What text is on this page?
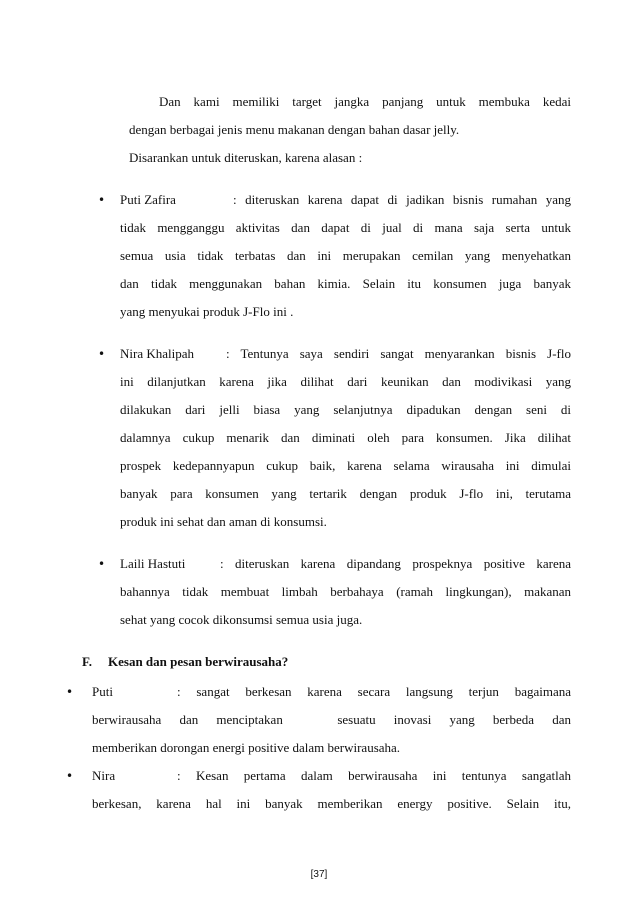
Dan kami memiliki target jangka panjang untuk membuka kedai

dengan berbagai jenis menu makanan dengan bahan dasar jelly.

Disarankan untuk diteruskan, karena alasan :

• Puti Zafira	: diteruskan karena dapat di jadikan bisnis rumahan yang

tidak mengganggu aktivitas dan dapat di jual di mana saja serta untuk

semua usia tidak terbatas dan ini merupakan cemilan yang menyehatkan

dan tidak menggunakan bahan kimia. Selain itu konsumen juga banyak

yang menyukai produk J-Flo ini .

• Nira Khalipah : Tentunya saya sendiri sangat menyarankan bisnis J-flo

ini dilanjutkan karena jika dilihat dari keunikan dan modivikasi yang

dilakukan dari jelli biasa yang selanjutnya dipadukan dengan seni di

dalamnya cukup menarik dan diminati oleh para konsumen. Jika dilihat

prospek kedepannyapun cukup baik, karena selama wirausaha ini dimulai

banyak para konsumen yang tertarik dengan produk J-flo ini, terutama

produk ini sehat dan aman di konsumsi.

• Laili Hastuti	: diteruskan karena dipandang prospeknya positive karena

bahannya tidak membuat limbah berbahaya (ramah lingkungan), makanan

sehat yang cocok dikonsumsi semua usia juga.

F. Kesan dan pesan berwirausaha?
• Puti	: sangat berkesan karena secara langsung terjun bagaimana

berwirausaha dan menciptakan   sesuatu inovasi yang berbeda dan

memberikan dorongan energi positive dalam berwirausaha.

• Nira	: Kesan pertama dalam berwirausaha ini tentunya sangatlah

berkesan, karena hal ini banyak memberikan energy positive. Selain itu,

[37]
